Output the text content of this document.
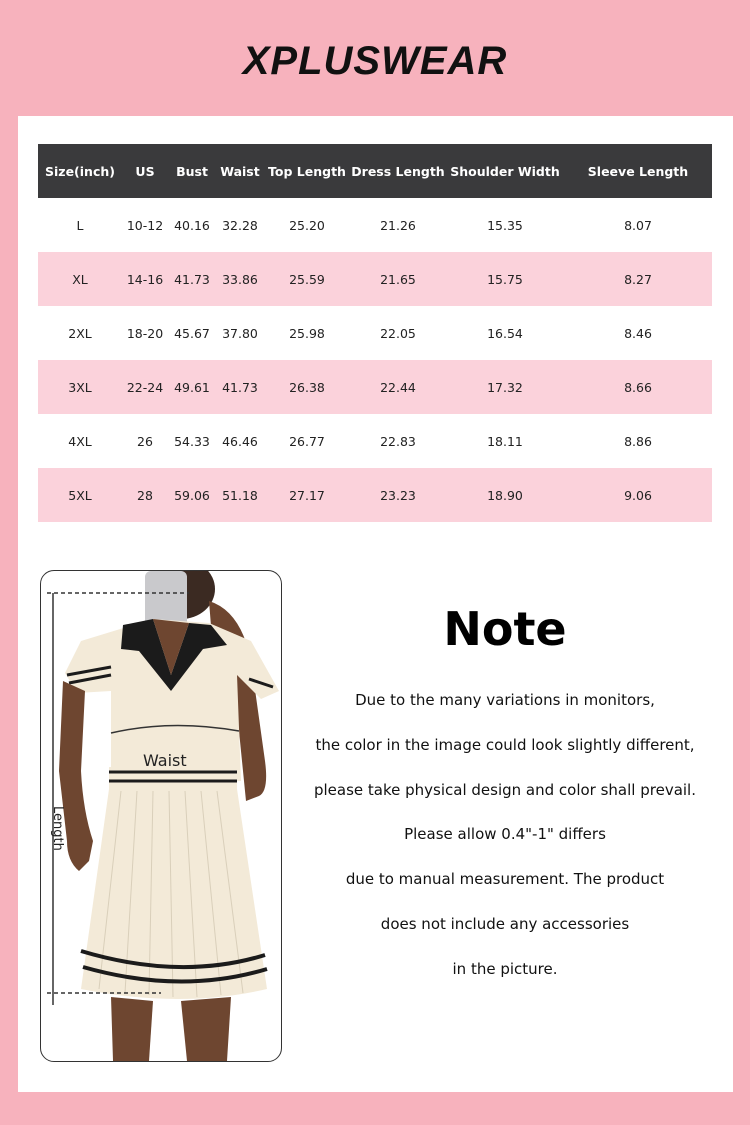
XPLUSWEAR
Size(inch)	US	Bust	Waist	Top Length	Dress Length	Shoulder Width	Sleeve Length
L	10-12	40.16	32.28	25.20	21.26	15.35	8.07
XL	14-16	41.73	33.86	25.59	21.65	15.75	8.27
2XL	18-20	45.67	37.80	25.98	22.05	16.54	8.46
3XL	22-24	49.61	41.73	26.38	22.44	17.32	8.66
4XL	26	54.33	46.46	26.77	22.83	18.11	8.86
5XL	28	59.06	51.18	27.17	23.23	18.90	9.06
Waist
Length
Note
Due to the many variations in monitors,
the color in the image could look slightly different,
please take physical design and color shall prevail.
Please allow 0.4"-1" differs
due to manual measurement. The product
does not include any accessories
in the picture.
